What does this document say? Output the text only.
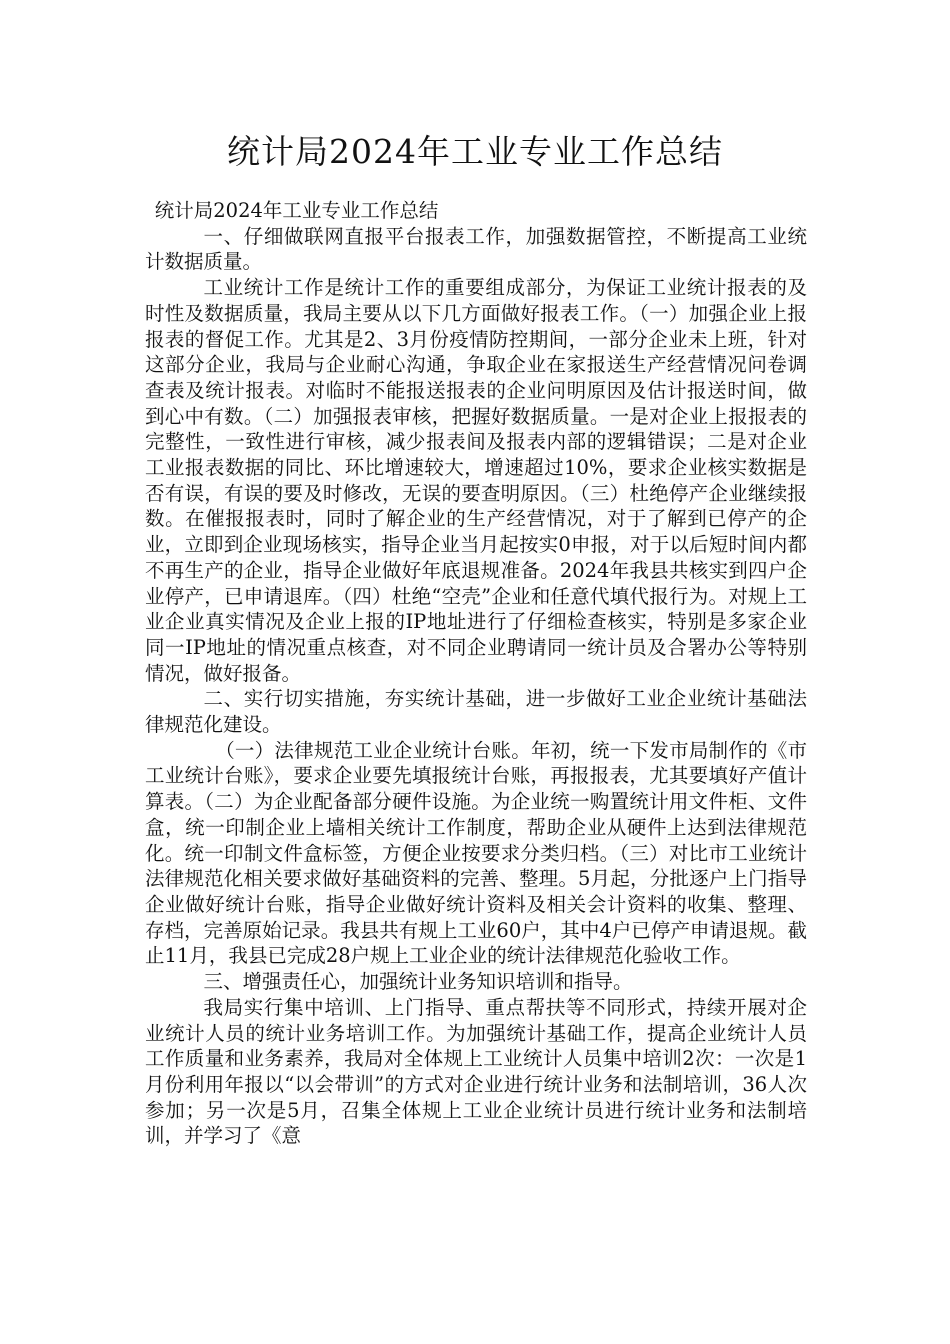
统计局2024年工业专业工作总结

统计局2024年工业专业工作总结

一、仔细做联网直报平台报表工作，加强数据管控，不断提高工业统计数据质量。

工业统计工作是统计工作的重要组成部分，为保证工业统计报表的及时性及数据质量，我局主要从以下几方面做好报表工作。（一）加强企业上报报表的督促工作。尤其是2、3月份疫情防控期间，一部分企业未上班，针对这部分企业，我局与企业耐心沟通，争取企业在家报送生产经营情况问卷调查表及统计报表。对临时不能报送报表的企业问明原因及估计报送时间，做到心中有数。（二）加强报表审核，把握好数据质量。一是对企业上报报表的完整性，一致性进行审核，减少报表间及报表内部的逻辑错误；二是对企业工业报表数据的同比、环比增速较大，增速超过10%，要求企业核实数据是否有误，有误的要及时修改，无误的要查明原因。（三）杜绝停产企业继续报数。在催报报表时，同时了解企业的生产经营情况，对于了解到已停产的企业，立即到企业现场核实，指导企业当月起按实0申报，对于以后短时间内都不再生产的企业，指导企业做好年底退规准备。2024年我县共核实到四户企业停产，已申请退库。（四）杜绝“空壳”企业和任意代填代报行为。对规上工业企业真实情况及企业上报的IP地址进行了仔细检查核实，特别是多家企业同一IP地址的情况重点核查，对不同企业聘请同一统计员及合署办公等特别情况，做好报备。

二、实行切实措施，夯实统计基础，进一步做好工业企业统计基础法律规范化建设。

（一）法律规范工业企业统计台账。年初，统一下发市局制作的《市工业统计台账》，要求企业要先填报统计台账，再报报表，尤其要填好产值计算表。（二）为企业配备部分硬件设施。为企业统一购置统计用文件柜、文件盒，统一印制企业上墙相关统计工作制度，帮助企业从硬件上达到法律规范化。统一印制文件盒标签，方便企业按要求分类归档。（三）对比市工业统计法律规范化相关要求做好基础资料的完善、整理。5月起，分批逐户上门指导企业做好统计台账，指导企业做好统计资料及相关会计资料的收集、整理、存档，完善原始记录。我县共有规上工业60户，其中4户已停产申请退规。截止11月，我县已完成28户规上工业企业的统计法律规范化验收工作。

三、增强责任心，加强统计业务知识培训和指导。

我局实行集中培训、上门指导、重点帮扶等不同形式，持续开展对企业统计人员的统计业务培训工作。为加强统计基础工作，提高企业统计人员工作质量和业务素养，我局对全体规上工业统计人员集中培训2次：一次是1月份利用年报以“以会带训”的方式对企业进行统计业务和法制培训，36人次参加；另一次是5月，召集全体规上工业企业统计员进行统计业务和法制培训，并学习了《意
